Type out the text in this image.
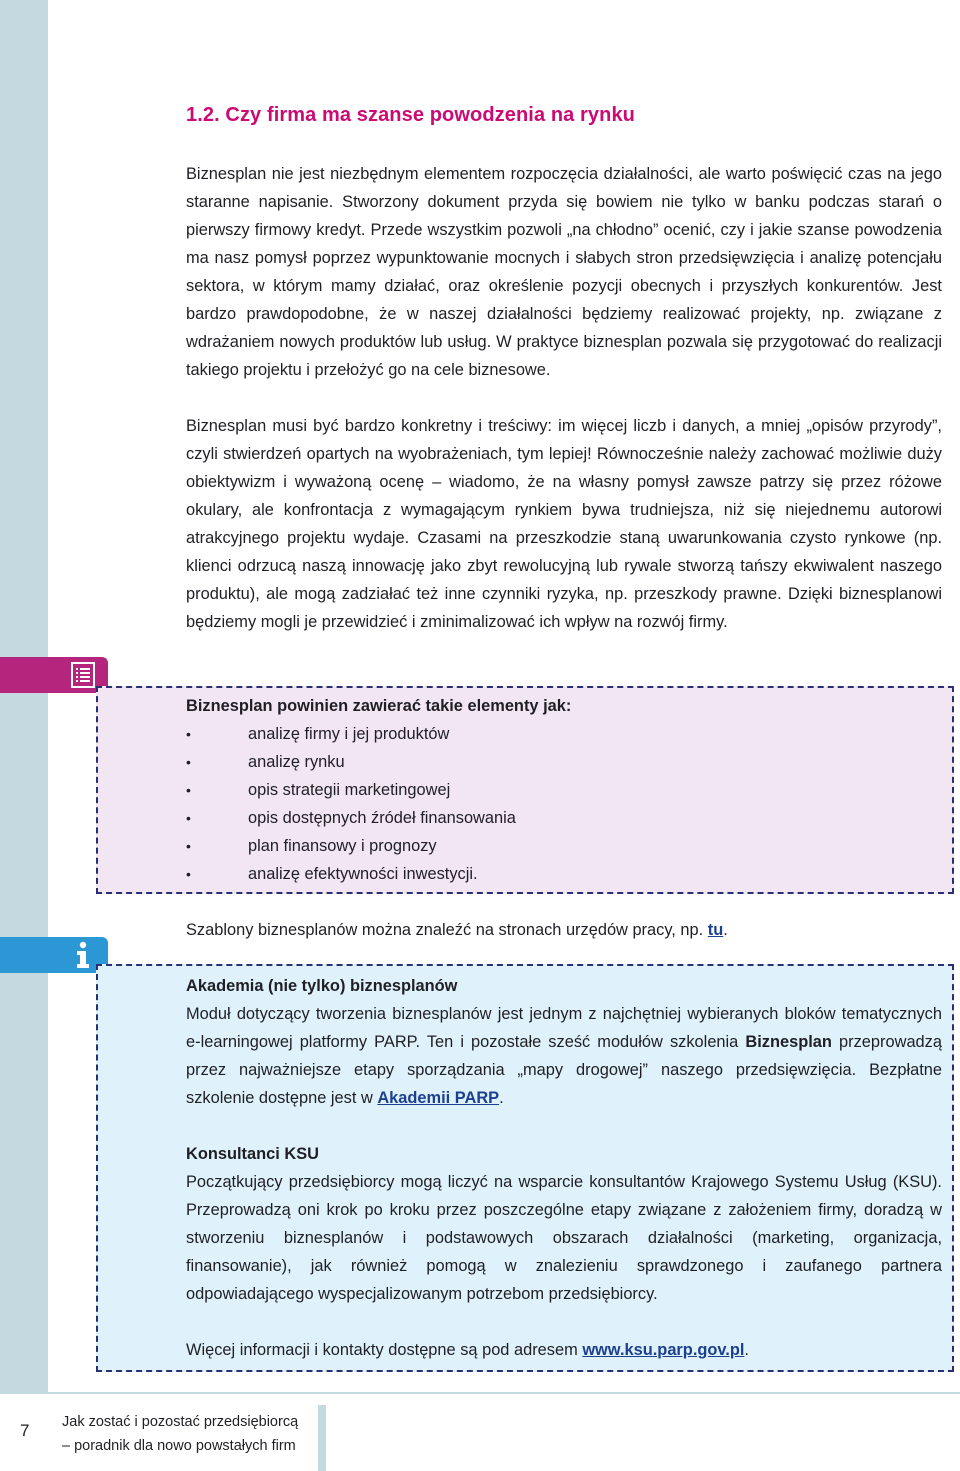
1.2. Czy firma ma szanse powodzenia na rynku

Biznesplan nie jest niezbędnym elementem rozpoczęcia działalności, ale warto poświęcić czas na jego staranne napisanie. Stworzony dokument przyda się bowiem nie tylko w banku podczas starań o pierwszy firmowy kredyt. Przede wszystkim pozwoli „na chłodno” ocenić, czy i jakie szanse powodzenia ma nasz pomysł poprzez wypunktowanie mocnych i słabych stron przedsięwzięcia i analizę potencjału sektora, w którym mamy działać, oraz określenie pozycji obecnych i przyszłych konkurentów. Jest bardzo prawdopodobne, że w naszej działalności będziemy realizować projekty, np. związane z wdrażaniem nowych produktów lub usług. W praktyce biznesplan pozwala się przygotować do realizacji takiego projektu i przełożyć go na cele biznesowe.

Biznesplan musi być bardzo konkretny i treściwy: im więcej liczb i danych, a mniej „opisów przyrody”, czyli stwierdzeń opartych na wyobrażeniach, tym lepiej! Równocześnie należy zachować możliwie duży obiektywizm i wyważoną ocenę – wiadomo, że na własny pomysł zawsze patrzy się przez różowe okulary, ale konfrontacja z wymagającym rynkiem bywa trudniejsza, niż się niejednemu autorowi atrakcyjnego projektu wydaje. Czasami na przeszkodzie staną uwarunkowania czysto rynkowe (np. klienci odrzucą naszą innowację jako zbyt rewolucyjną lub rywale stworzą tańszy ekwiwalent naszego produktu), ale mogą zadziałać też inne czynniki ryzyka, np. przeszkody prawne. Dzięki biznesplanowi będziemy mogli je przewidzieć i zminimalizować ich wpływ na rozwój firmy.

Biznesplan powinien zawierać takie elementy jak:

• analizę firmy i jej produktów
• analizę rynku
• opis strategii marketingowej
• opis dostępnych źródeł finansowania
• plan finansowy i prognozy
• analizę efektywności inwestycji.

Szablony biznesplanów można znaleźć na stronach urzędów pracy, np. tu.

Akademia (nie tylko) biznesplanów

Moduł dotyczący tworzenia biznesplanów jest jednym z najchętniej wybieranych bloków tematycznych e-learningowej platformy PARP. Ten i pozostałe sześć modułów szkolenia Biznesplan przeprowadzą przez najważniejsze etapy sporządzania „mapy drogowej” naszego przedsięwzięcia. Bezpłatne szkolenie dostępne jest w Akademii PARP.

Konsultanci KSU

Początkujący przedsiębiorcy mogą liczyć na wsparcie konsultantów Krajowego Systemu Usług (KSU). Przeprowadzą oni krok po kroku przez poszczególne etapy związane z założeniem firmy, doradzą w stworzeniu biznesplanów i podstawowych obszarach działalności (marketing, organizacja, finansowanie), jak również pomogą w znalezieniu sprawdzonego i zaufanego partnera odpowiadającego wyspecjalizowanym potrzebom przedsiębiorcy.

Więcej informacji i kontakty dostępne są pod adresem www.ksu.parp.gov.pl.

7 Jak zostać i pozostać przedsiębiorcą
– poradnik dla nowo powstałych firm
